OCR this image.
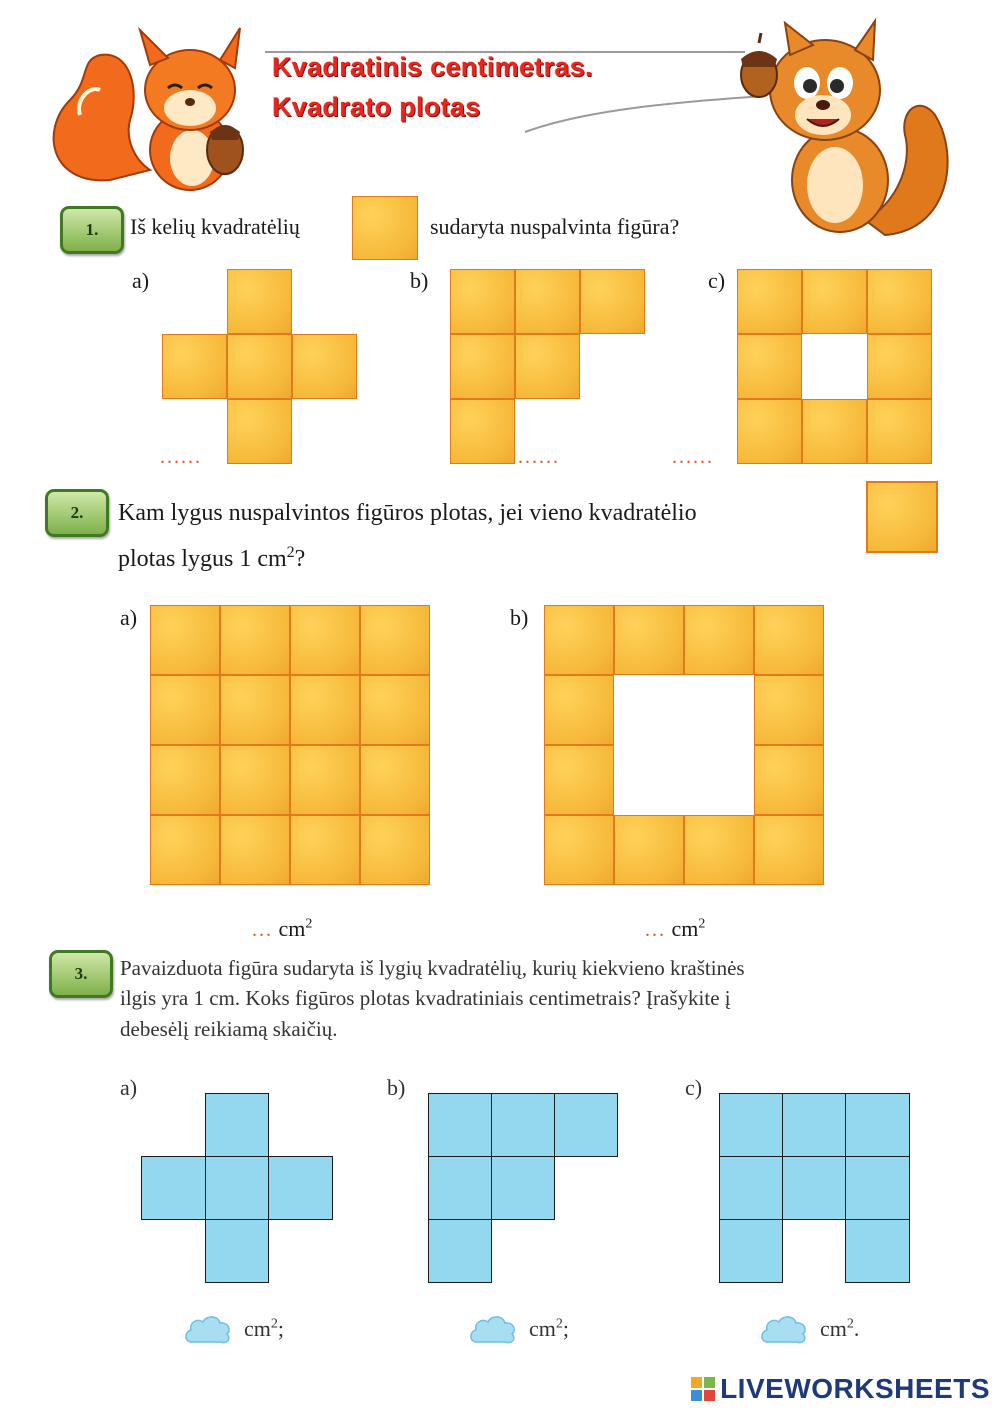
Kvadratinis centimetras.
Kvadrato plotas
1.	Iš kelių kvadratėlių	sudaryta nuspalvinta figūra?
a)	b)	c)
......	......	......
2.	Kam lygus nuspalvintos figūros plotas, jei vieno kvadratėlio
plotas lygus 1 $cm^2$?
a)	b)
... $cm^2$	... $cm^2$
3.	Pavaizduota figūra sudaryta iš lygių kvadratėlių, kurių kiekvieno kraštinės
ilgis yra 1 cm. Koks figūros plotas kvadratiniais centimetrais? Įrašykite į
debesėlį reikiamą skaičių.
a)	b)	c)
$cm^2$;	$cm^2$;	$cm^2$.
LIVEWORKSHEETS
